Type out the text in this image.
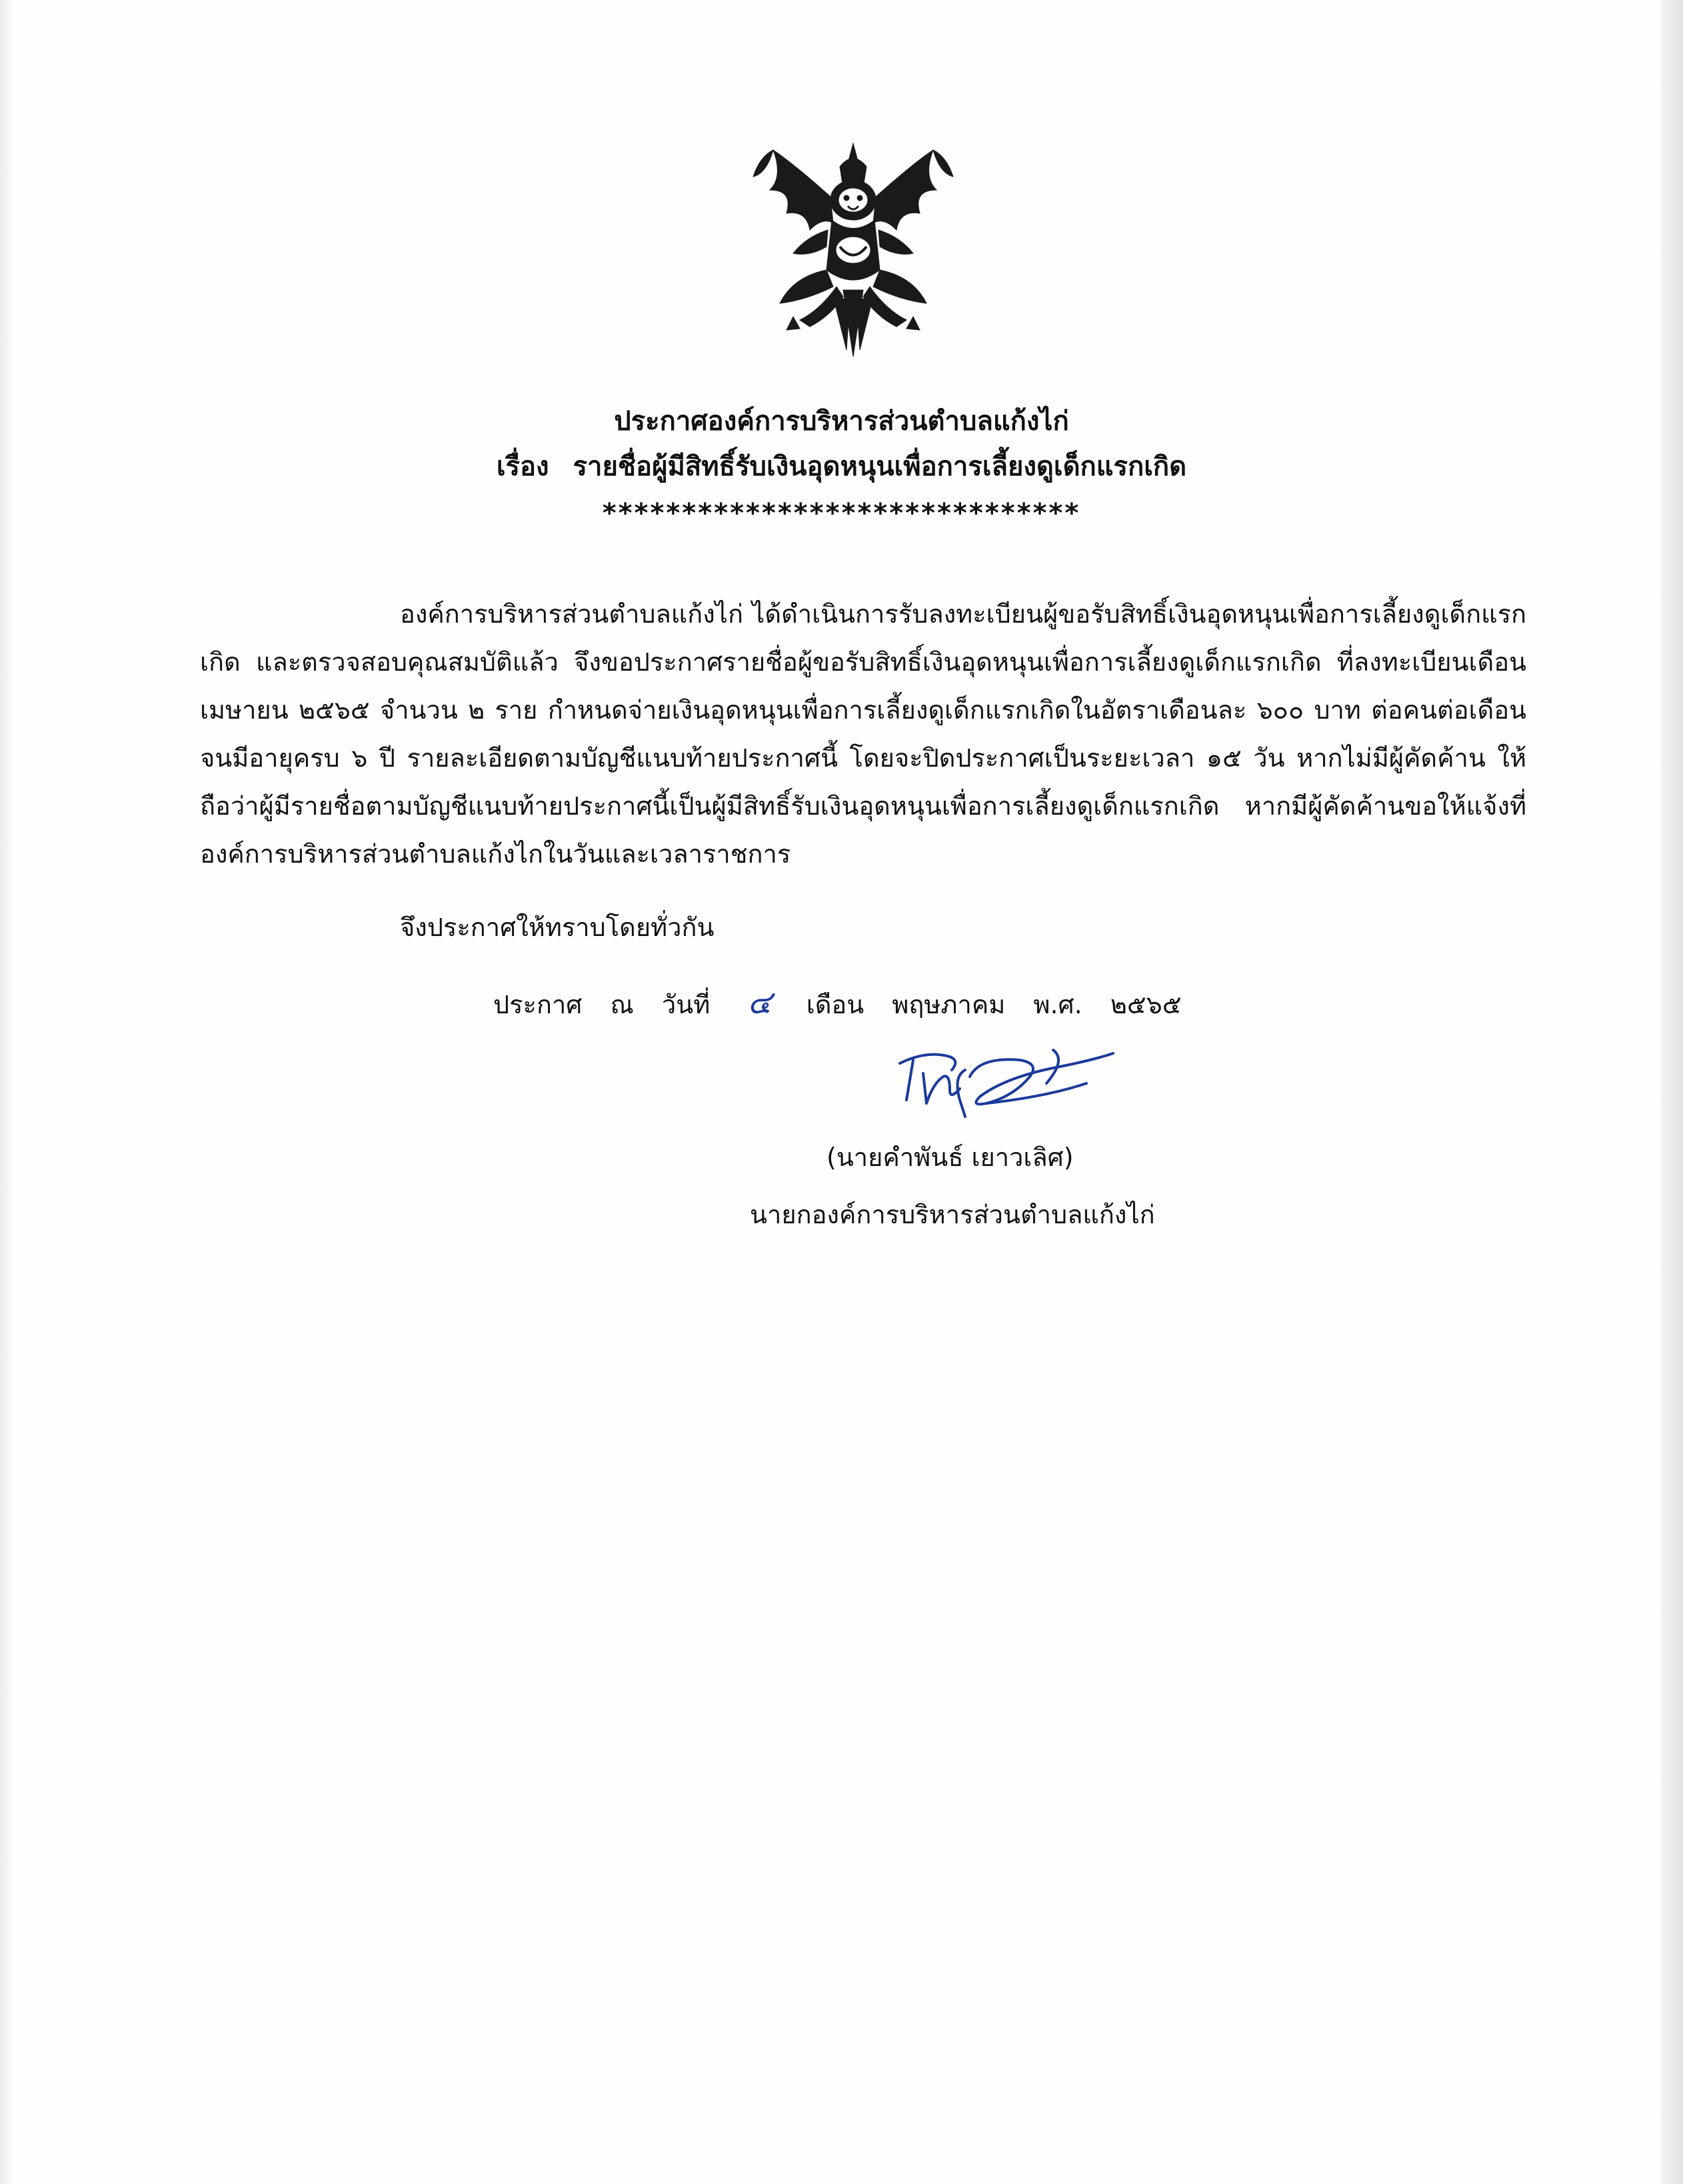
ประกาศองค์การบริหารส่วนตำบลแก้งไก่
เรื่อง รายชื่อผู้มีสิทธิ์รับเงินอุดหนุนเพื่อการเลี้ยงดูเด็กแรกเกิด
******************************
องค์การบริหารส่วนตำบลแก้งไก่ ได้ดำเนินการรับลงทะเบียนผู้ขอรับสิทธิ์เงินอุดหนุนเพื่อการเลี้ยงดูเด็กแรกเกิด และตรวจสอบคุณสมบัติแล้ว จึงขอประกาศรายชื่อผู้ขอรับสิทธิ์เงินอุดหนุนเพื่อการเลี้ยงดูเด็กแรกเกิด ที่ลงทะเบียนเดือน เมษายน ๒๕๖๕ จำนวน ๒ ราย กำหนดจ่ายเงินอุดหนุนเพื่อการเลี้ยงดูเด็กแรกเกิดในอัตราเดือนละ ๖๐๐ บาท ต่อคนต่อเดือนจนมีอายุครบ ๖ ปี รายละเอียดตามบัญชีแนบท้ายประกาศนี้ โดยจะปิดประกาศเป็นระยะเวลา ๑๕ วัน หากไม่มีผู้คัดค้าน ให้ถือว่าผู้มีรายชื่อตามบัญชีแนบท้ายประกาศนี้เป็นผู้มีสิทธิ์รับเงินอุดหนุนเพื่อการเลี้ยงดูเด็กแรกเกิด หากมีผู้คัดค้านขอให้แจ้งที่องค์การบริหารส่วนตำบลแก้งไกในวันและเวลาราชการ
จึงประกาศให้ทราบโดยทั่วกัน
ประกาศ ณ วันที่ ๔ เดือน พฤษภาคม พ.ศ. ๒๕๖๕
(นายคำพันธ์ เยาวเลิศ)
นายกองค์การบริหารส่วนตำบลแก้งไก่
